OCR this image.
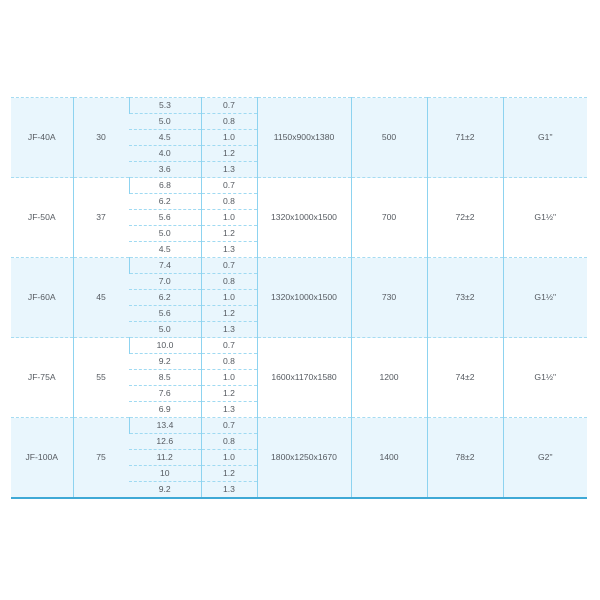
JF-40A	30	5.3	0.7	1150x900x1380	500	71±2	G1"
		5.0	0.8				
		4.5	1.0				
		4.0	1.2				
		3.6	1.3				
JF-50A	37	6.8	0.7	1320x1000x1500	700	72±2	G1½"
		6.2	0.8				
		5.6	1.0				
		5.0	1.2				
		4.5	1.3				
JF-60A	45	7.4	0.7	1320x1000x1500	730	73±2	G1½"
		7.0	0.8				
		6.2	1.0				
		5.6	1.2				
		5.0	1.3				
JF-75A	55	10.0	0.7	1600x1170x1580	1200	74±2	G1½"
		9.2	0.8				
		8.5	1.0				
		7.6	1.2				
		6.9	1.3				
JF-100A	75	13.4	0.7	1800x1250x1670	1400	78±2	G2"
		12.6	0.8				
		11.2	1.0				
		10	1.2				
		9.2	1.3				
